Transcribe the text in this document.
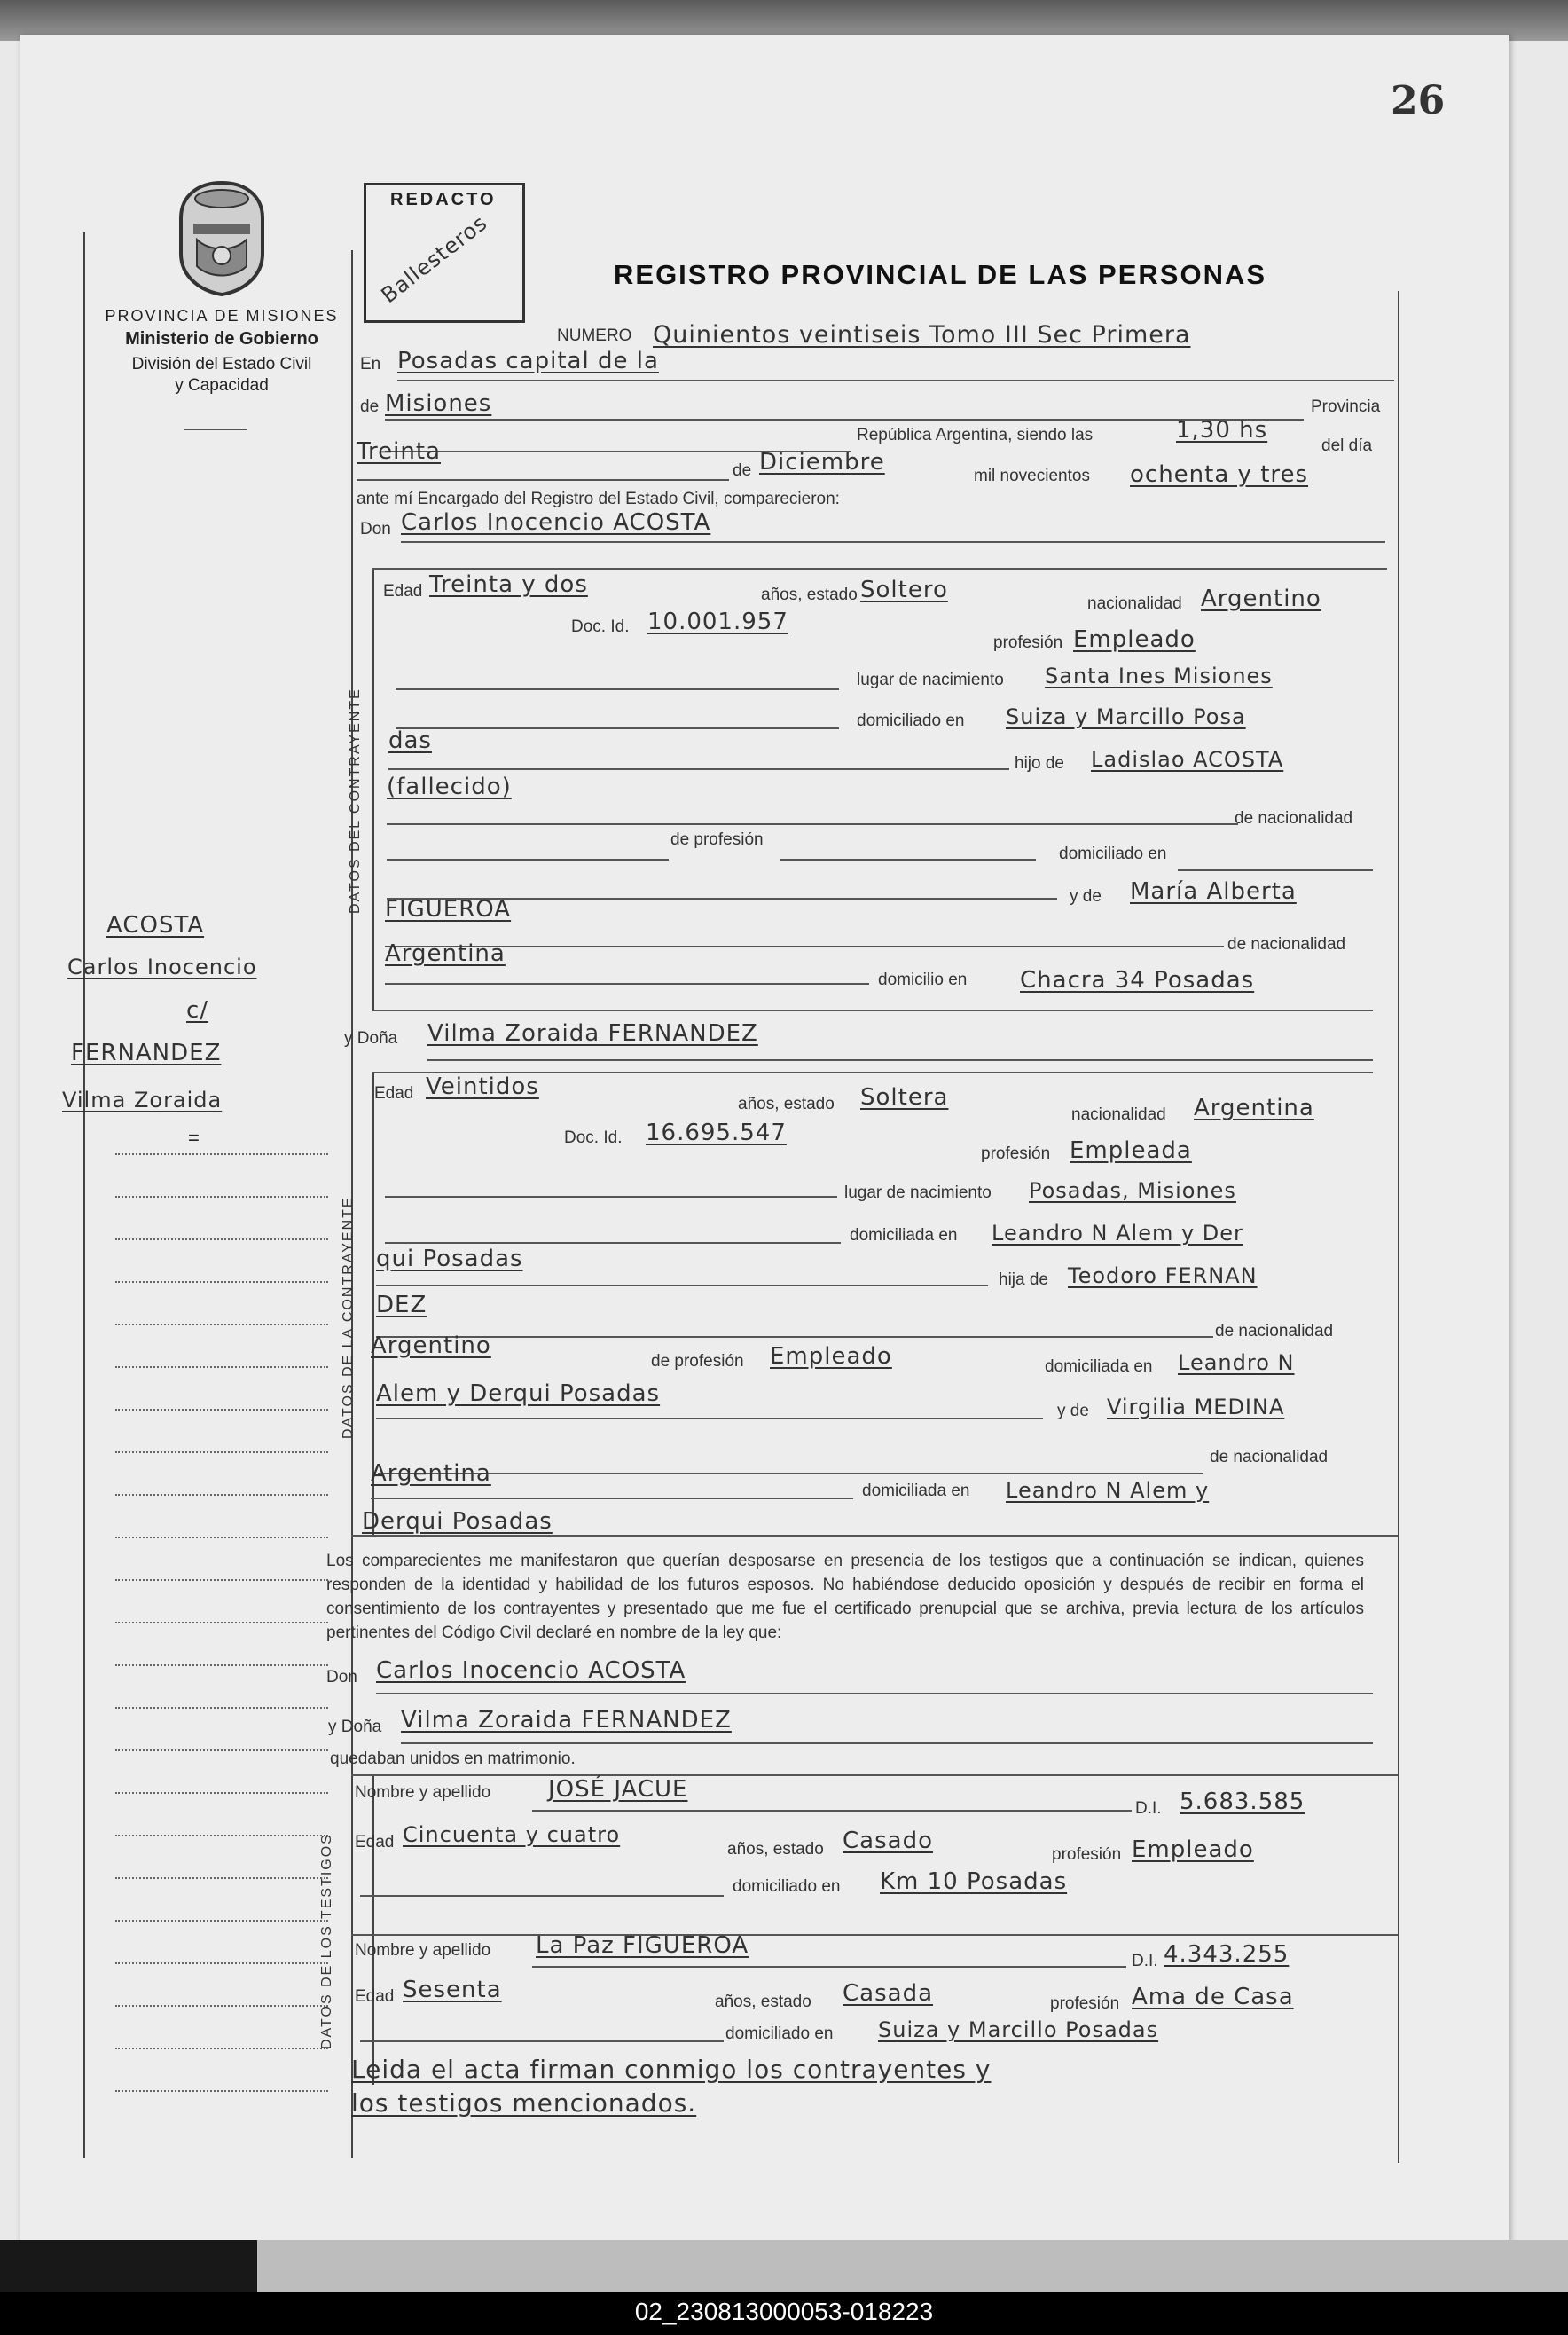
02_230813000053-018223
26
PROVINCIA DE MISIONES
Ministerio de Gobierno
División del Estado Civil
y Capacidad
REDACTO
Ballesteros	REGISTRO PROVINCIAL DE LAS PERSONAS
DATOS DEL CONTRAYENTE
DATOS DE LA CONTRAYENTE
DATOS DE LOS TESTIGOS
NUMERO Quinientos veintiseis Tomo III Sec Primera
En Posadas capital de la
de Misiones	Provincia
República Argentina, siendo las	1,30 hs
del día
Treinta
de Diciembre
mil novecientos ochenta y tres
ante mí Encargado del Registro del Estado Civil, comparecieron:
Don Carlos Inocencio ACOSTA
Edad Treinta y dos	años, estado Soltero
nacionalidad Argentino
Doc. Id. 10.001.957
profesión Empleado
lugar de nacimiento Santa Ines Misiones
domiciliado en Suiza y Marcillo Posa
das
hijo de Ladislao ACOSTA
(fallecido)
de nacionalidad
de profesión
domiciliado en
y de María Alberta
FIGUEROA
de nacionalidad
Argentina
domicilio en Chacra 34 Posadas
y Doña Vilma Zoraida FERNANDEZ
Edad Veintidos
años, estado Soltera
nacionalidad Argentina
Doc. Id. 16.695.547
profesión Empleada
lugar de nacimiento Posadas, Misiones
domiciliada en Leandro N Alem y Der
qui Posadas
hija de Teodoro FERNAN
DEZ
de nacionalidad
Argentino
de profesión Empleado	domiciliada en Leandro N
Alem y Derqui Posadas
y de Virgilia MEDINA
de nacionalidad
Argentina
domiciliada en Leandro N Alem y
Derqui Posadas
Los comparecientes me manifestaron que querían desposarse en presencia de los testigos que a continuación se indican, quienes responden de la identidad y habilidad de los futuros esposos. No habiéndose deducido oposición y después de recibir en forma el consentimiento de los contrayentes y presentado que me fue el certificado prenupcial que se archiva, previa lectura de los artículos pertinentes del Código Civil declaré en nombre de la ley que:
Don Carlos Inocencio ACOSTA
y Doña Vilma Zoraida FERNANDEZ
quedaban unidos en matrimonio.
Nombre y apellido JOSÉ JACUE
D.I. 5.683.585
Edad Cincuenta y cuatro
años, estado Casado
profesión Empleado
domiciliado en Km 10 Posadas
Nombre y apellido La Paz FIGUEROA
D.I. 4.343.255
Edad Sesenta	años, estado Casada	profesión Ama de Casa
domiciliado en Suiza y Marcillo Posadas
Leida el acta firman conmigo los contrayentes y
los testigos mencionados.
ACOSTA
Carlos Inocencio
c/
FERNANDEZ
Vilma Zoraida
=
